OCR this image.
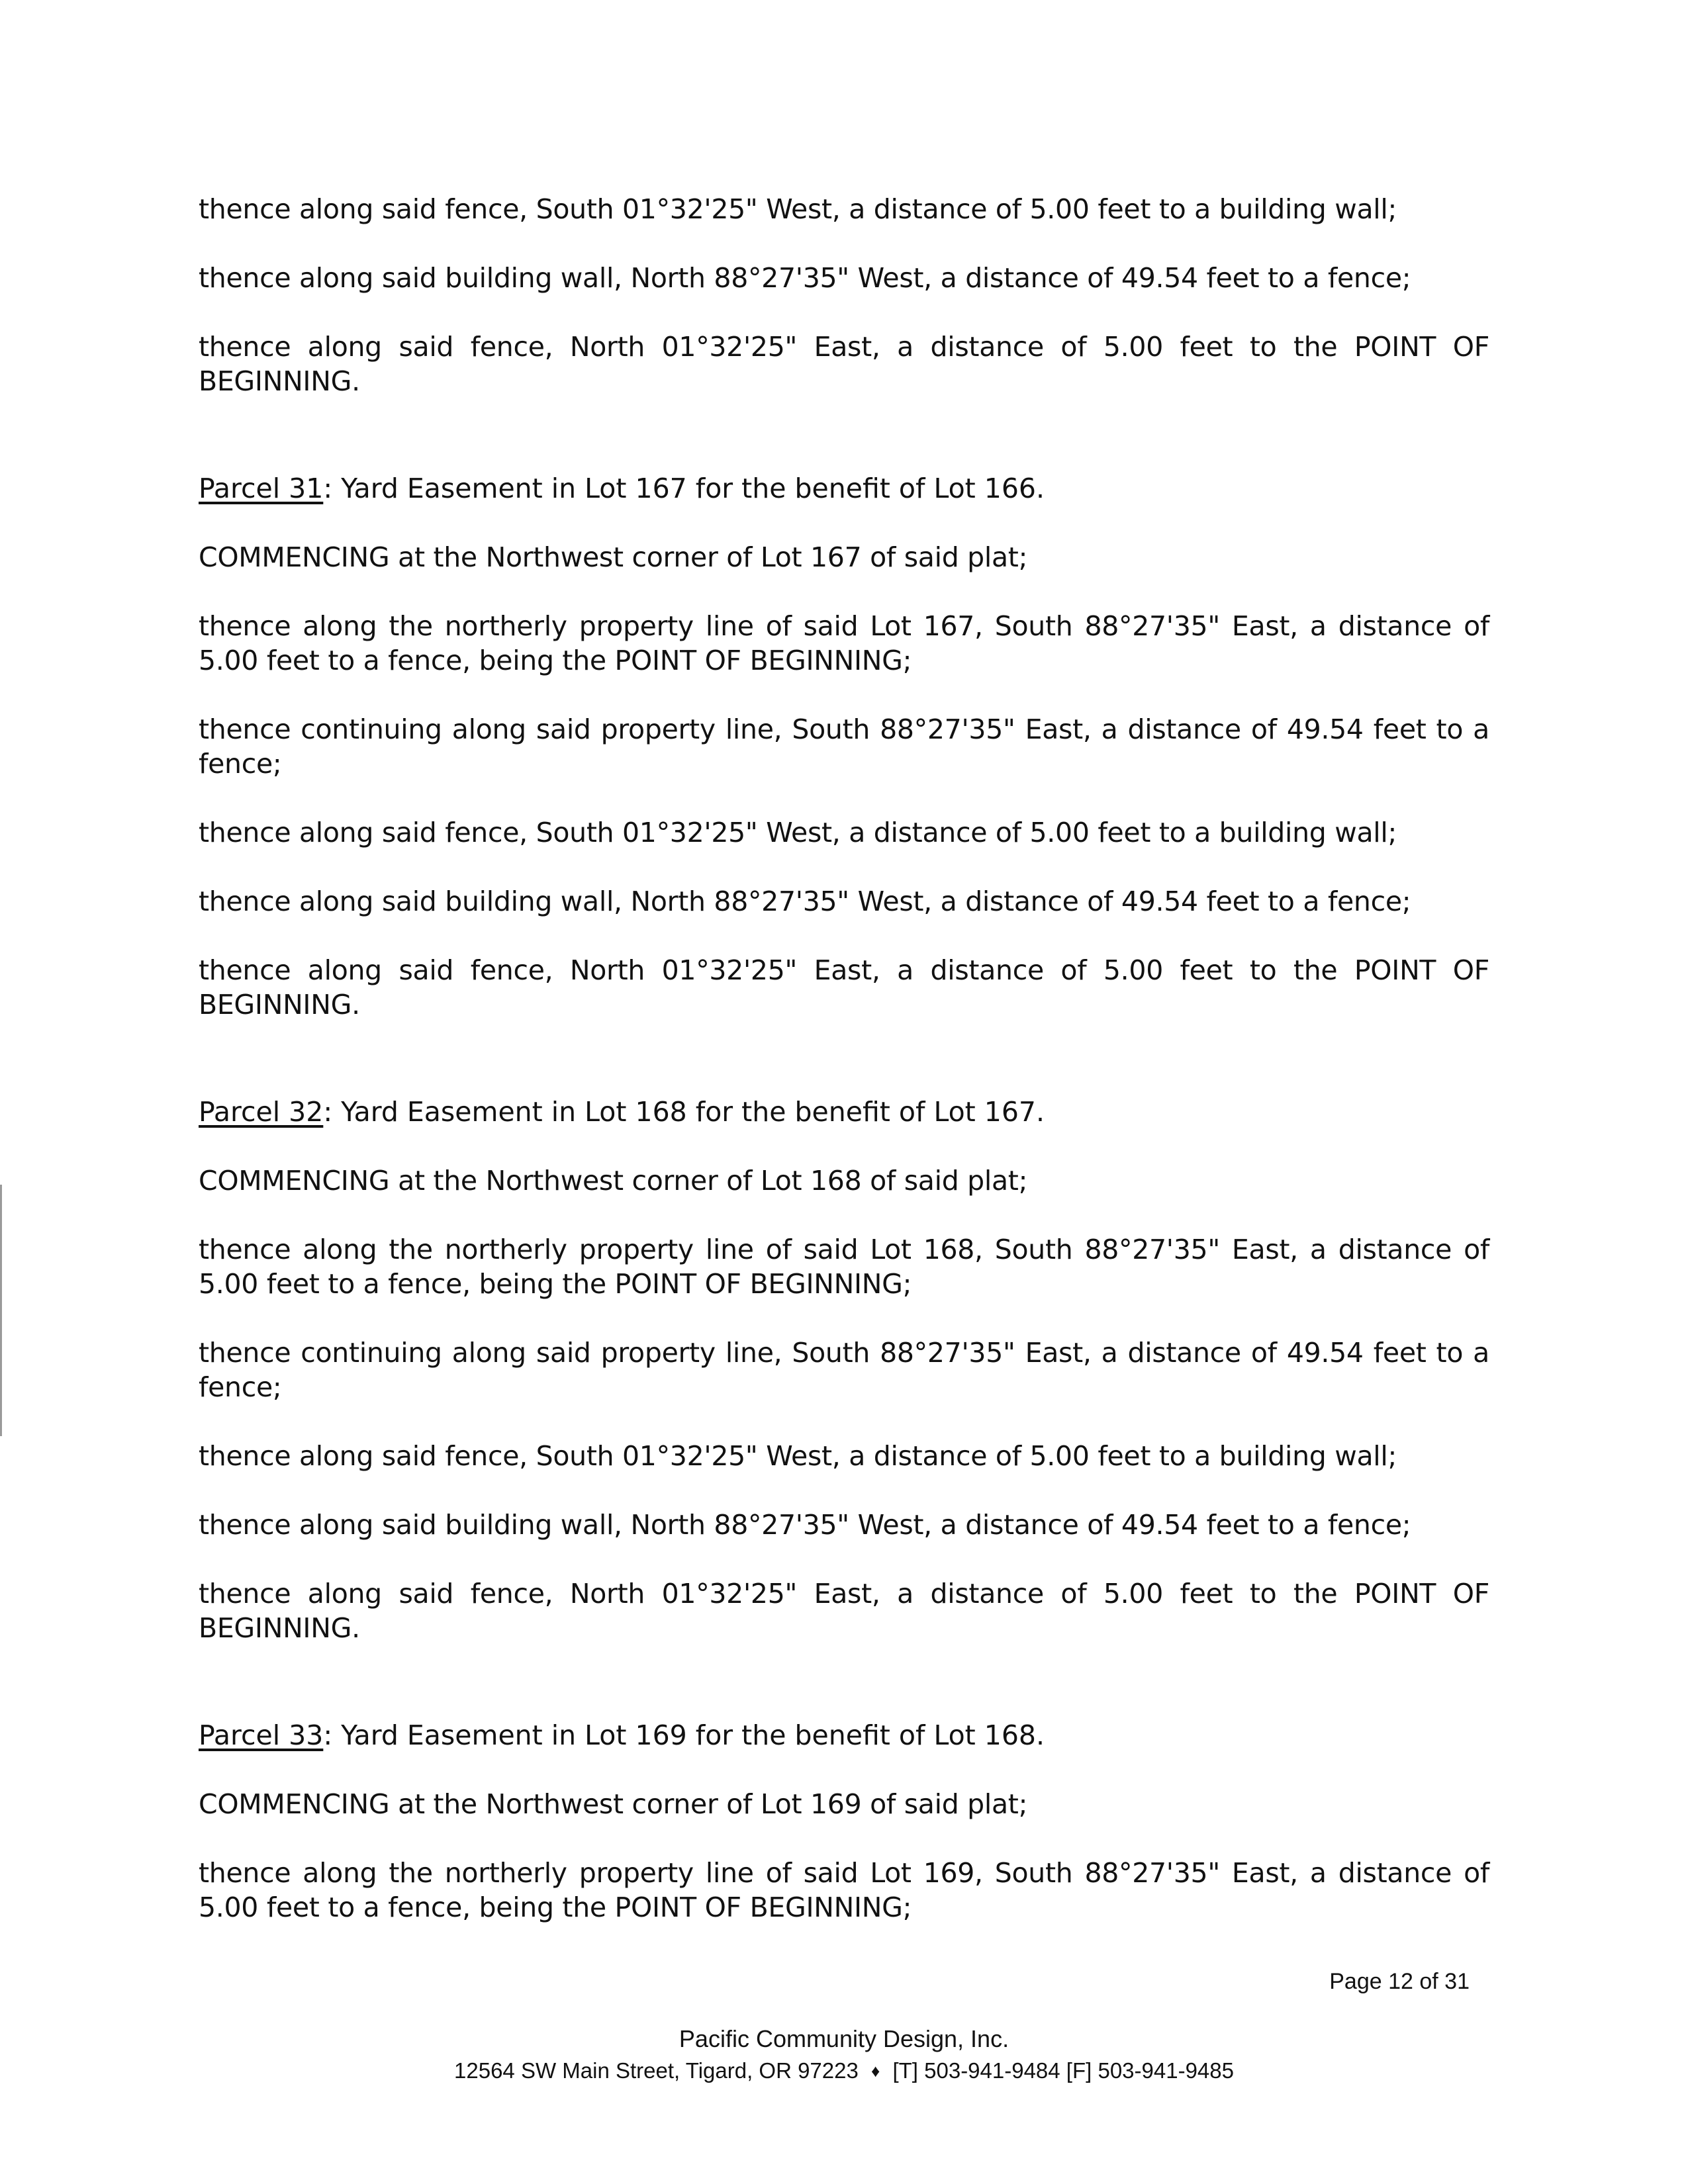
thence along said fence, South 01°32'25" West, a distance of 5.00 feet to a building wall;

thence along said building wall, North 88°27'35" West, a distance of 49.54 feet to a fence;

thence along said fence, North 01°32'25" East, a distance of 5.00 feet to the POINT OF BEGINNING.

Parcel 31: Yard Easement in Lot 167 for the benefit of Lot 166.

COMMENCING at the Northwest corner of Lot 167 of said plat;

thence along the northerly property line of said Lot 167, South 88°27'35" East, a distance of 5.00 feet to a fence, being the POINT OF BEGINNING;

thence continuing along said property line, South 88°27'35" East, a distance of 49.54 feet to a fence;

thence along said fence, South 01°32'25" West, a distance of 5.00 feet to a building wall;

thence along said building wall, North 88°27'35" West, a distance of 49.54 feet to a fence;

thence along said fence, North 01°32'25" East, a distance of 5.00 feet to the POINT OF BEGINNING.

Parcel 32: Yard Easement in Lot 168 for the benefit of Lot 167.

COMMENCING at the Northwest corner of Lot 168 of said plat;

thence along the northerly property line of said Lot 168, South 88°27'35" East, a distance of 5.00 feet to a fence, being the POINT OF BEGINNING;

thence continuing along said property line, South 88°27'35" East, a distance of 49.54 feet to a fence;

thence along said fence, South 01°32'25" West, a distance of 5.00 feet to a building wall;

thence along said building wall, North 88°27'35" West, a distance of 49.54 feet to a fence;

thence along said fence, North 01°32'25" East, a distance of 5.00 feet to the POINT OF BEGINNING.

Parcel 33: Yard Easement in Lot 169 for the benefit of Lot 168.

COMMENCING at the Northwest corner of Lot 169 of said plat;

thence along the northerly property line of said Lot 169, South 88°27'35" East, a distance of 5.00 feet to a fence, being the POINT OF BEGINNING;

Page 12 of 31
Pacific Community Design, Inc.
12564 SW Main Street, Tigard, OR 97223 ♦ [T] 503-941-9484 [F] 503-941-9485
